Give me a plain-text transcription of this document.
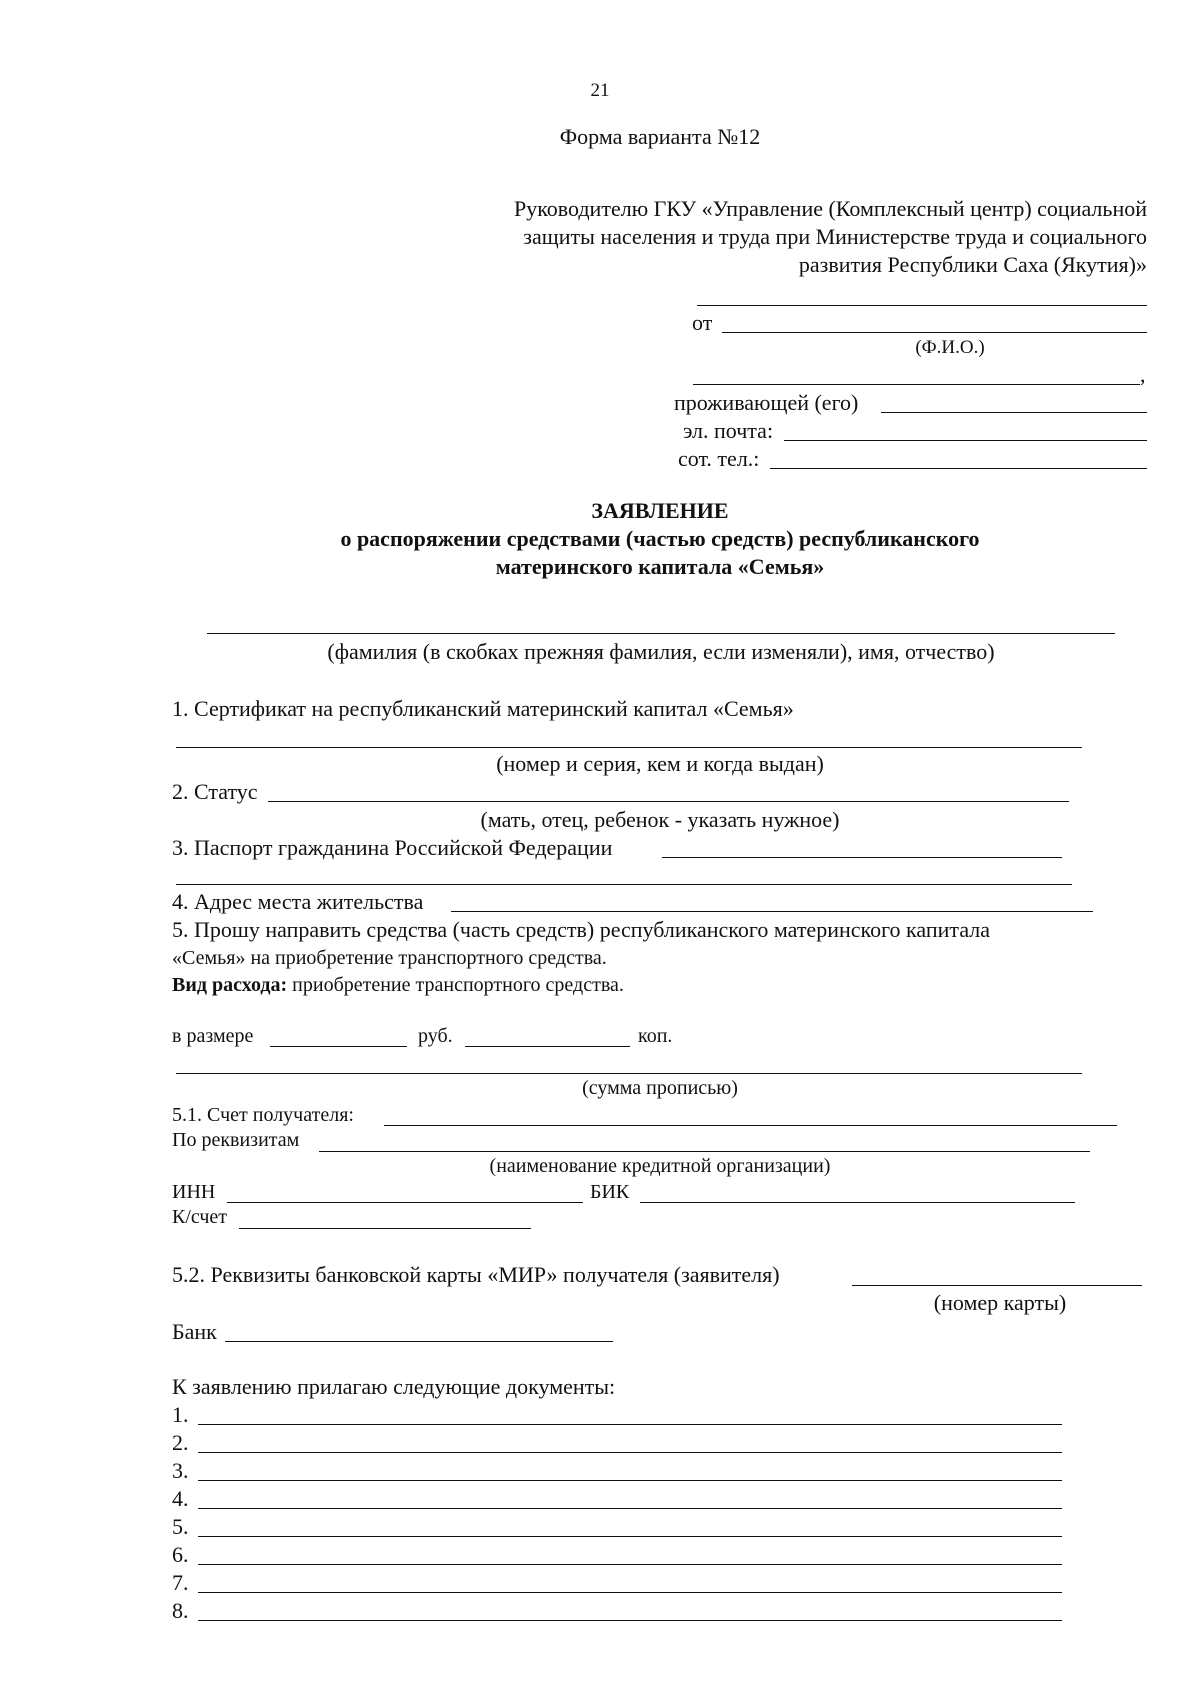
21
Форма варианта №12
Руководителю ГКУ «Управление (Комплексный центр) социальной
защиты населения и труда при Министерстве труда и социального
развития Республики Саха (Якутия)»
от
(Ф.И.О.)
,
проживающей (его)
эл. почта:
сот. тел.:
ЗАЯВЛЕНИЕ
о распоряжении средствами (частью средств) республиканского
материнского капитала «Семья»
(фамилия (в скобках прежняя фамилия, если изменяли), имя, отчество)
1. Сертификат на республиканский материнский капитал «Семья»
(номер и серия, кем и когда выдан)
2. Статус
(мать, отец, ребенок - указать нужное)
3. Паспорт гражданина Российской Федерации
4. Адрес места жительства
5. Прошу направить средства (часть средств) республиканского материнского капитала
«Семья» на приобретение транспортного средства.
Вид расхода: приобретение транспортного средства.
в размере	руб.	коп.
(сумма прописью)
5.1. Счет получателя:
По реквизитам
(наименование кредитной организации)
ИНН	БИК
К/счет
5.2. Реквизиты банковской карты «МИР» получателя (заявителя)
(номер карты)
Банк
К заявлению прилагаю следующие документы:
1.
2.
3.
4.
5.
6.
7.
8.
